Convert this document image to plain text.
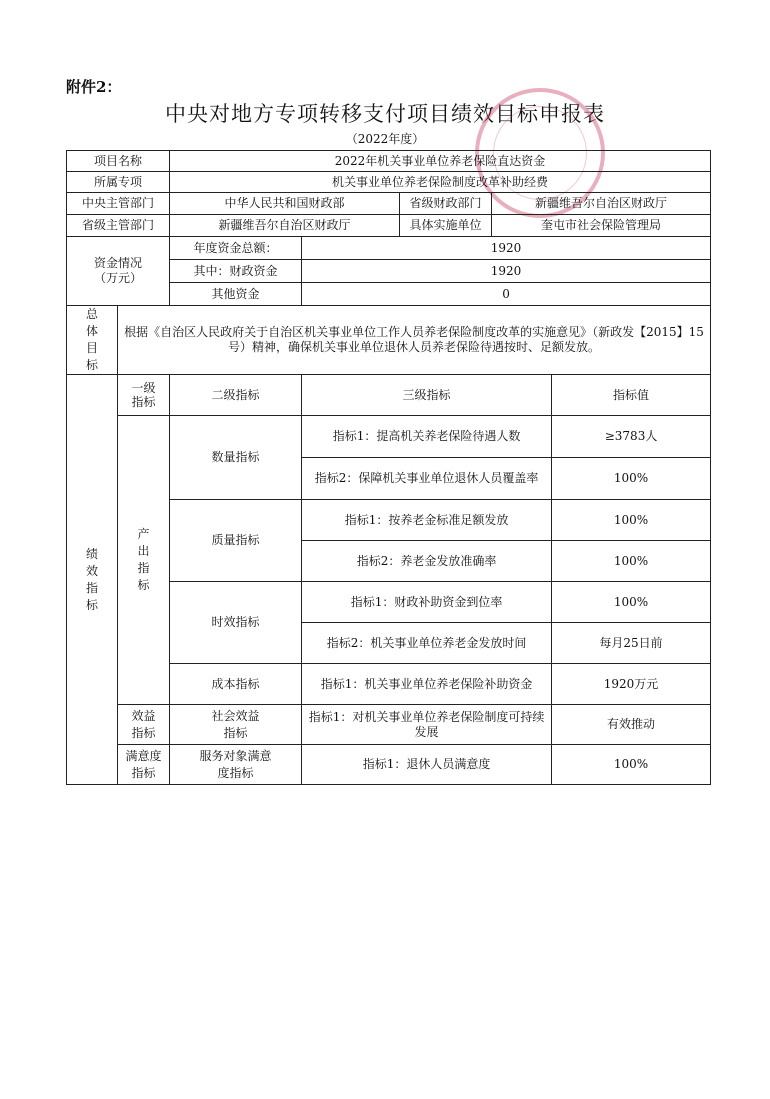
附件2：
中央对地方专项转移支付项目绩效目标申报表
（2022年度）
项目名称		2022年机关事业单位养老保险直达资金				
所属专项		机关事业单位养老保险制度改革补助经费				
中央主管部门		中华人民共和国财政部		省级财政部门	新疆维吾尔自治区财政厅	
省级主管部门		新疆维吾尔自治区财政厅		具体实施单位	奎屯市社会保险管理局	

资金情况
（万元）		年度资金总额：	1920			
		其中：财政资金	1920			
		其他资金	0			
总体目标	根据《自治区人民政府关于自治区机关事业单位工作人员养老保险制度改革的实施意见》（新政发【2015】15号）精神，确保机关事业单位退休人员养老保险待遇按时、足额发放。					
绩效指标	一级指标	二级指标	三级指标			指标值
	产出指标	数量指标	指标1：提高机关养老保险待遇人数			≥3783人
			指标2：保障机关事业单位退休人员覆盖率			100%
		质量指标	指标1：按养老金标准足额发放			100%
			指标2：养老金发放准确率			100%
		时效指标	指标1：财政补助资金到位率			100%
			指标2：机关事业单位养老金发放时间			每月25日前
		成本指标	指标1：机关事业单位养老保险补助资金			1920万元
	效益指标	社会效益指标	指标1：对机关事业单位养老保险制度可持续发展			有效推动
	满意度指标	服务对象满意度指标	指标1：退休人员满意度			100%
